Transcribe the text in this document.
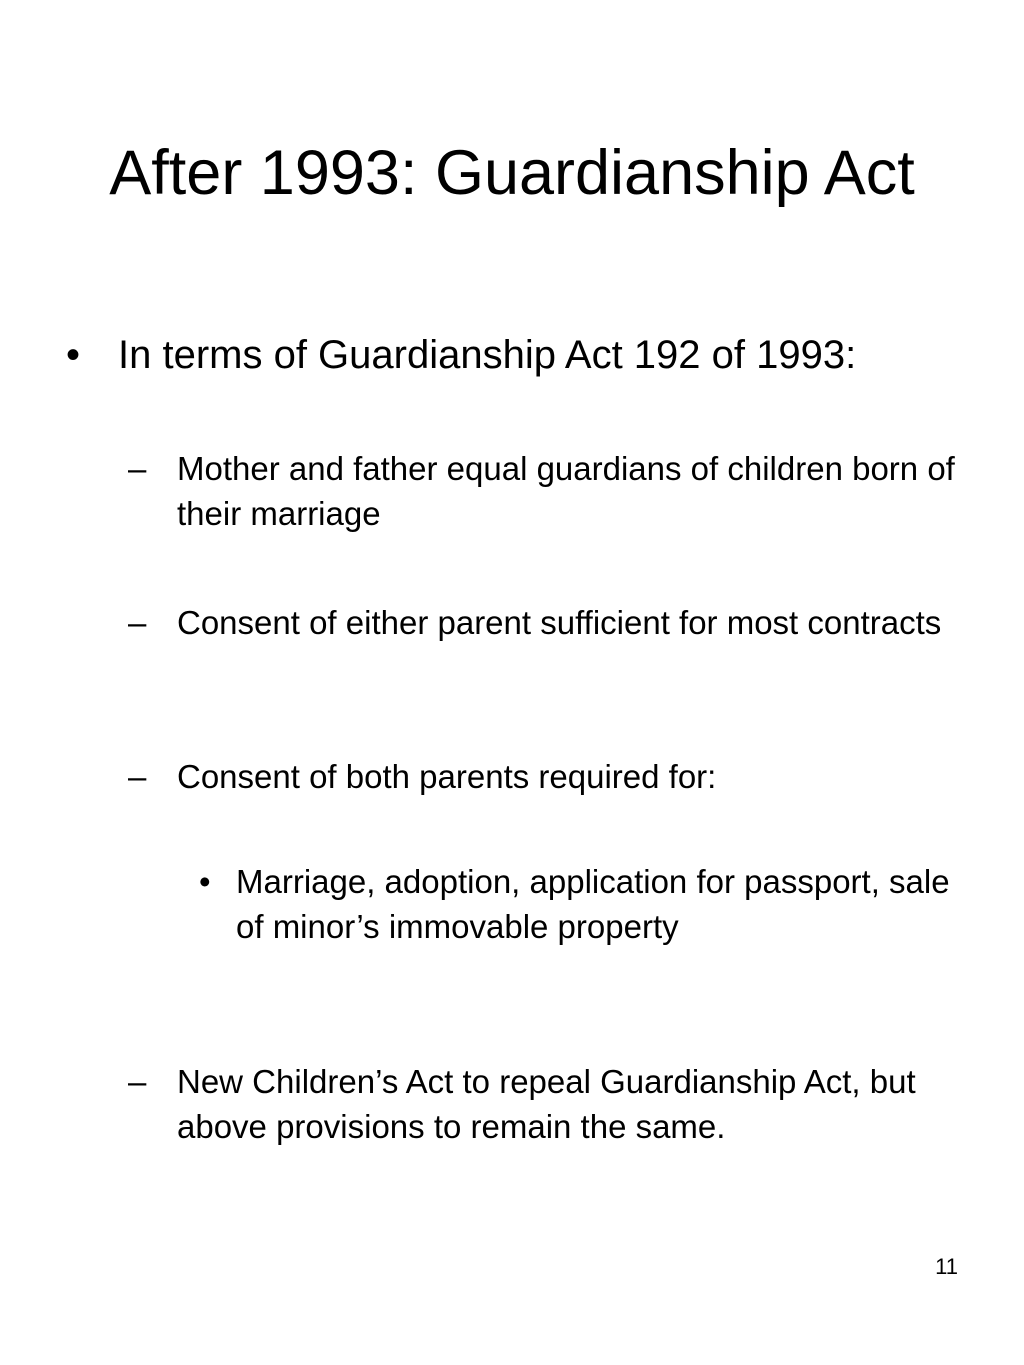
After 1993: Guardianship Act
• In terms of Guardianship Act 192 of 1993:
– Mother and father equal guardians of children born of their marriage
– Consent of either parent sufficient for most contracts
– Consent of both parents required for:
• Marriage, adoption, application for passport, sale of minor’s immovable property
– New Children’s Act to repeal Guardianship Act, but above provisions to remain the same.
11
